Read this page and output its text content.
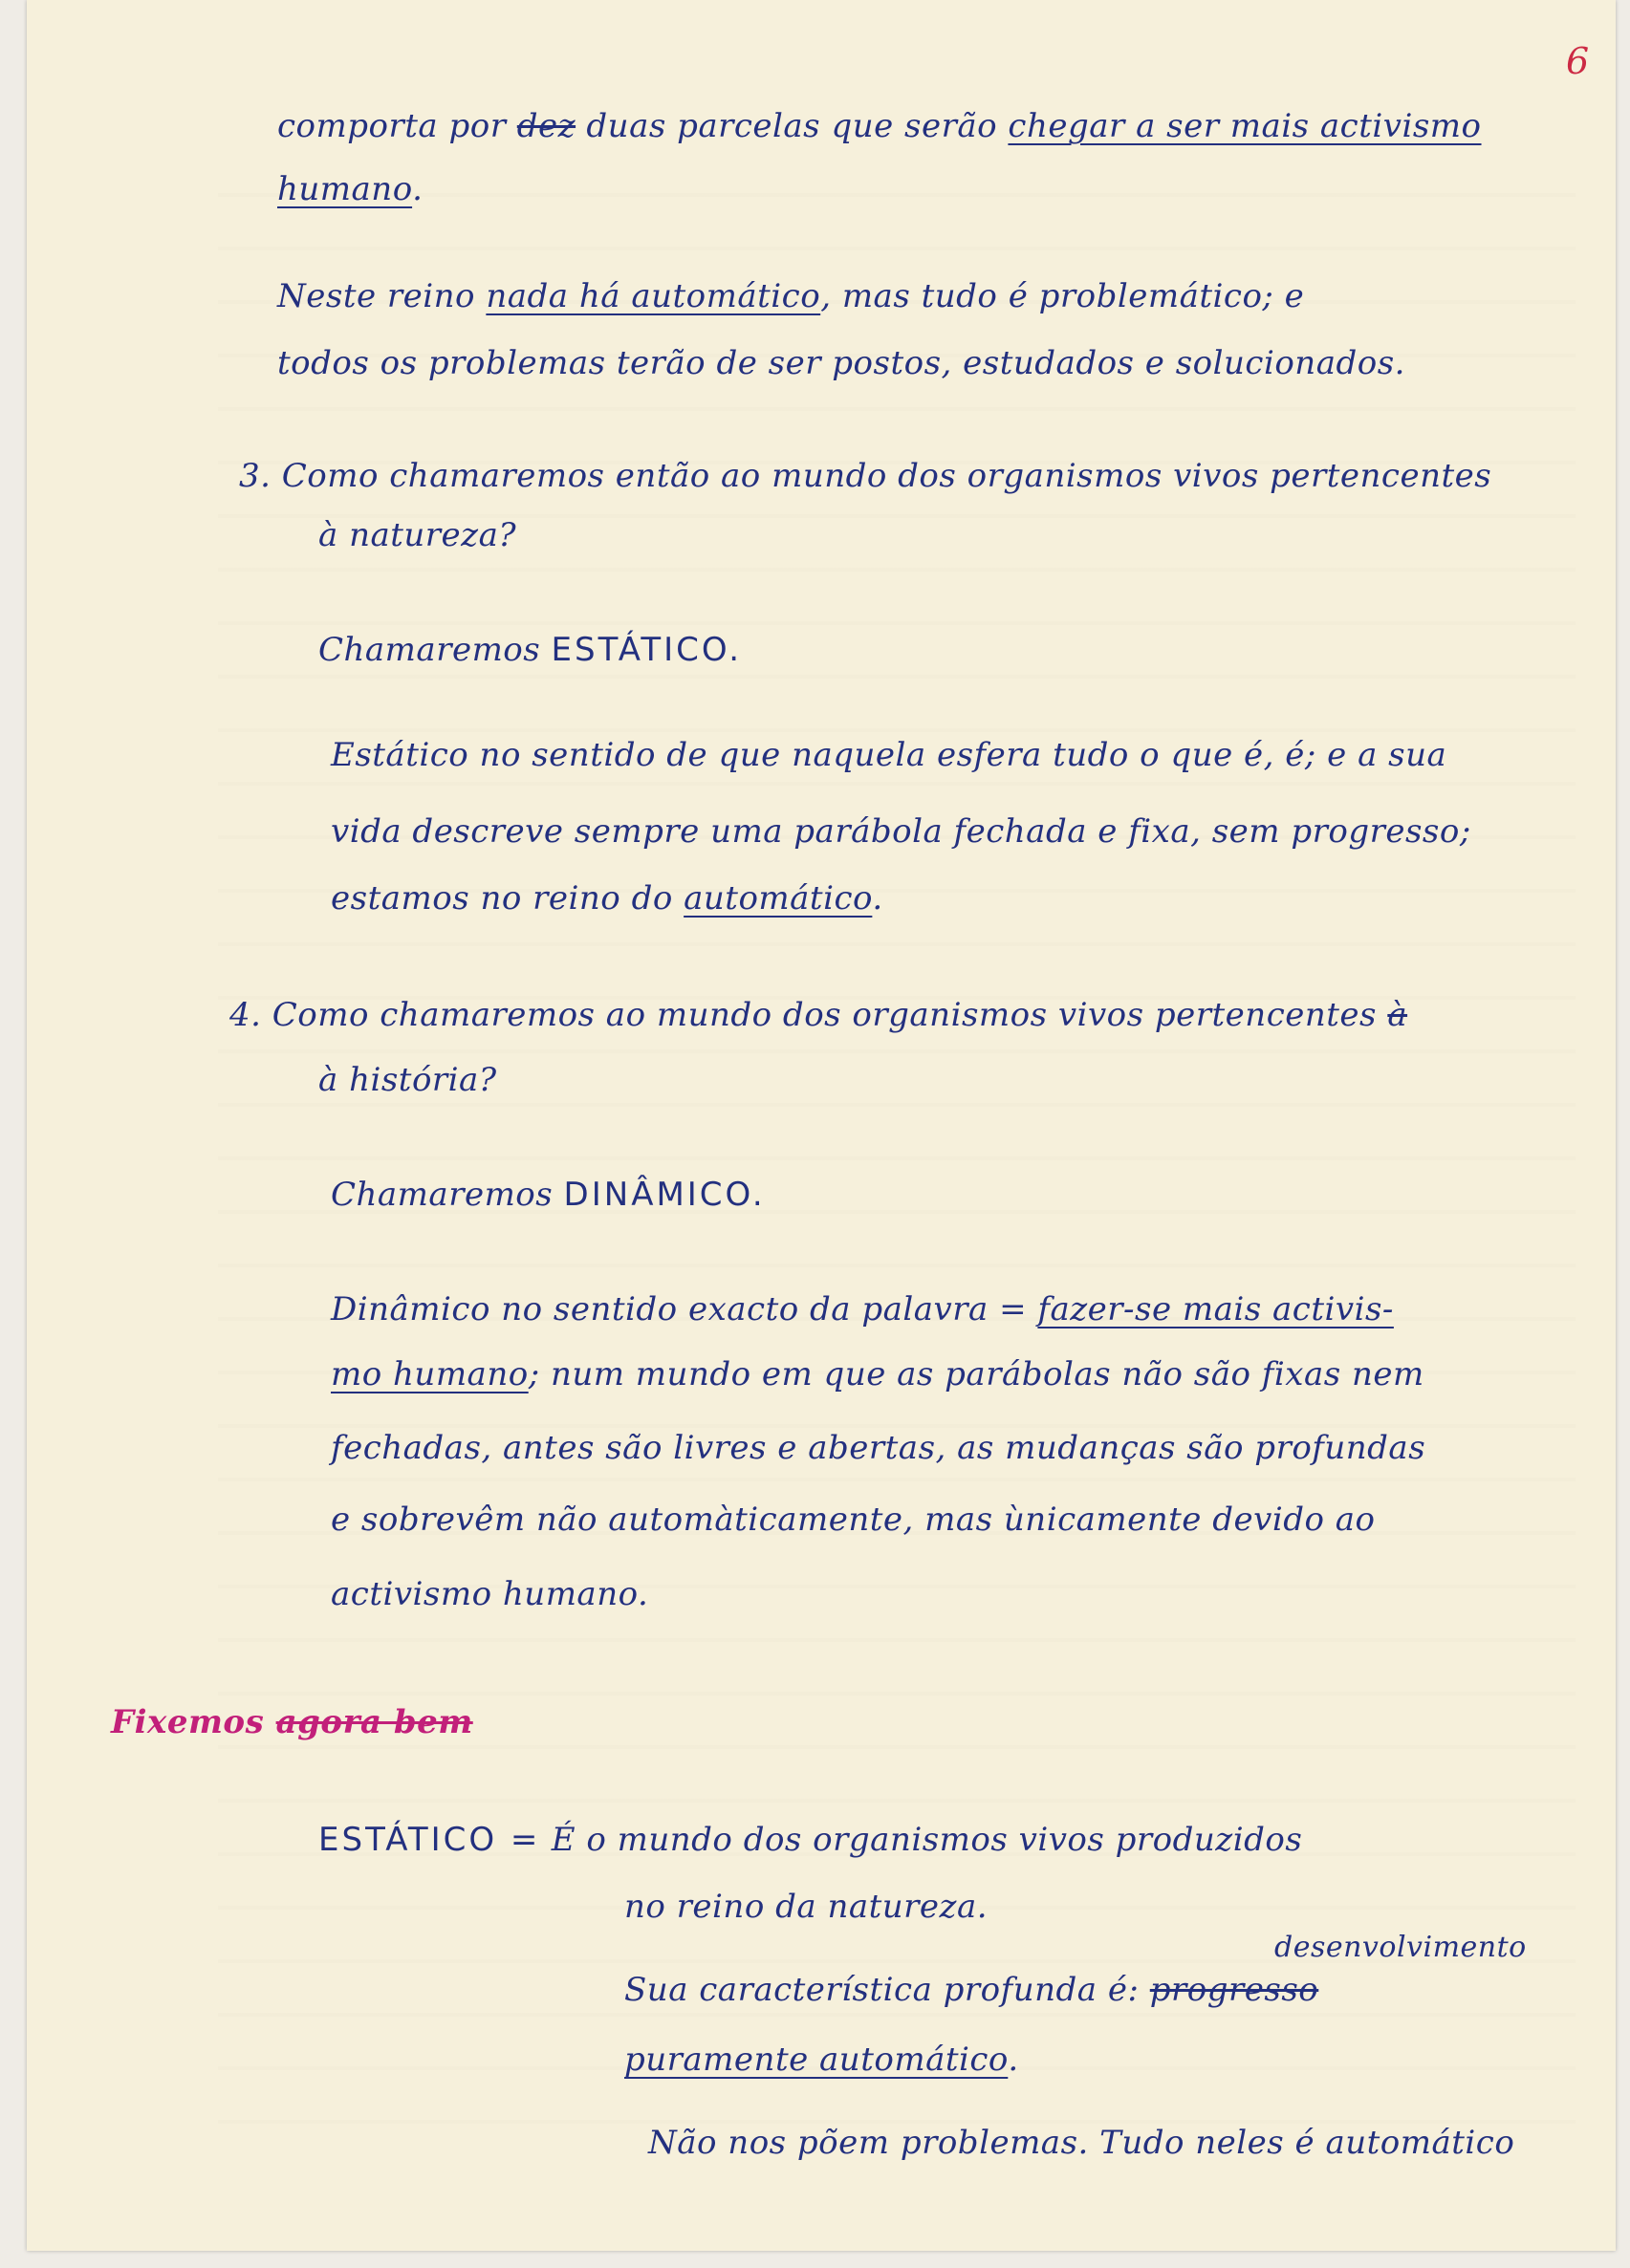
6
comporta por dez duas parcelas que serão chegar a ser mais activismo
humano.
Neste reino nada há automático, mas tudo é problemático; e
todos os problemas terão de ser postos, estudados e solucionados.
3. Como chamaremos então ao mundo dos organismos vivos pertencentes
à natureza?
Chamaremos ESTÁTICO.
Estático no sentido de que naquela esfera tudo o que é, é; e a sua
vida descreve sempre uma parábola fechada e fixa, sem progresso;
estamos no reino do automático.
4. Como chamaremos ao mundo dos organismos vivos pertencentes à
à história?
Chamaremos DINÂMICO.
Dinâmico no sentido exacto da palavra = fazer-se mais activis-
mo humano; num mundo em que as parábolas não são fixas nem
fechadas, antes são livres e abertas, as mudanças são profundas
e sobrevêm não automàticamente, mas ùnicamente devido ao
activismo humano.
Fixemos agora bem
ESTÁTICO = É o mundo dos organismos vivos produzidos
no reino da natureza.
desenvolvimento
Sua característica profunda é: progresso
puramente automático.
Não nos põem problemas. Tudo neles é automático
